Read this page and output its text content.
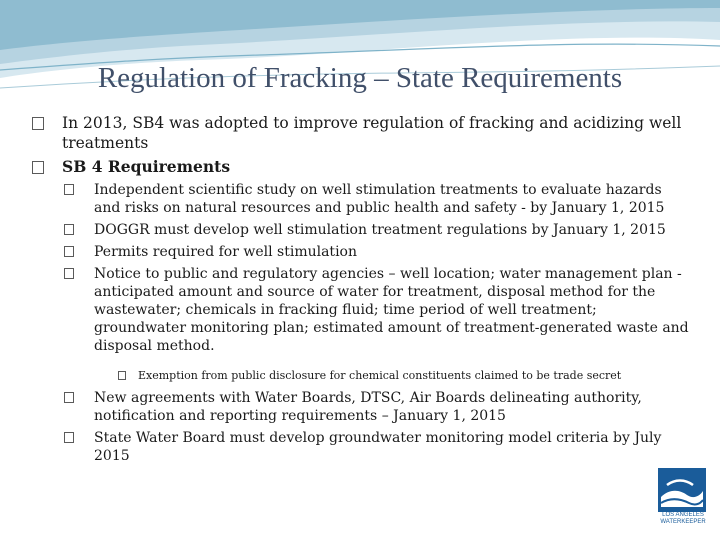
Regulation of Fracking – State Requirements
In 2013, SB4 was adopted to improve regulation of fracking and acidizing well treatments
SB 4 Requirements
Independent scientific study on well stimulation treatments to evaluate hazards and risks on natural resources and public health and safety - by January 1, 2015
DOGGR must develop well stimulation treatment regulations by January 1, 2015
Permits required for well stimulation
Notice to public and regulatory agencies – well location; water management plan - anticipated amount and source of water for treatment, disposal method for the wastewater; chemicals in fracking fluid; time period of well treatment; groundwater monitoring plan; estimated amount of treatment-generated waste and disposal method.
Exemption from public disclosure for chemical constituents claimed to be trade secret
New agreements with Water Boards, DTSC, Air Boards delineating authority, notification and reporting requirements – January 1, 2015
State Water Board must develop groundwater monitoring model criteria by July 2015
LOS ANGELES WATERKEEPER
